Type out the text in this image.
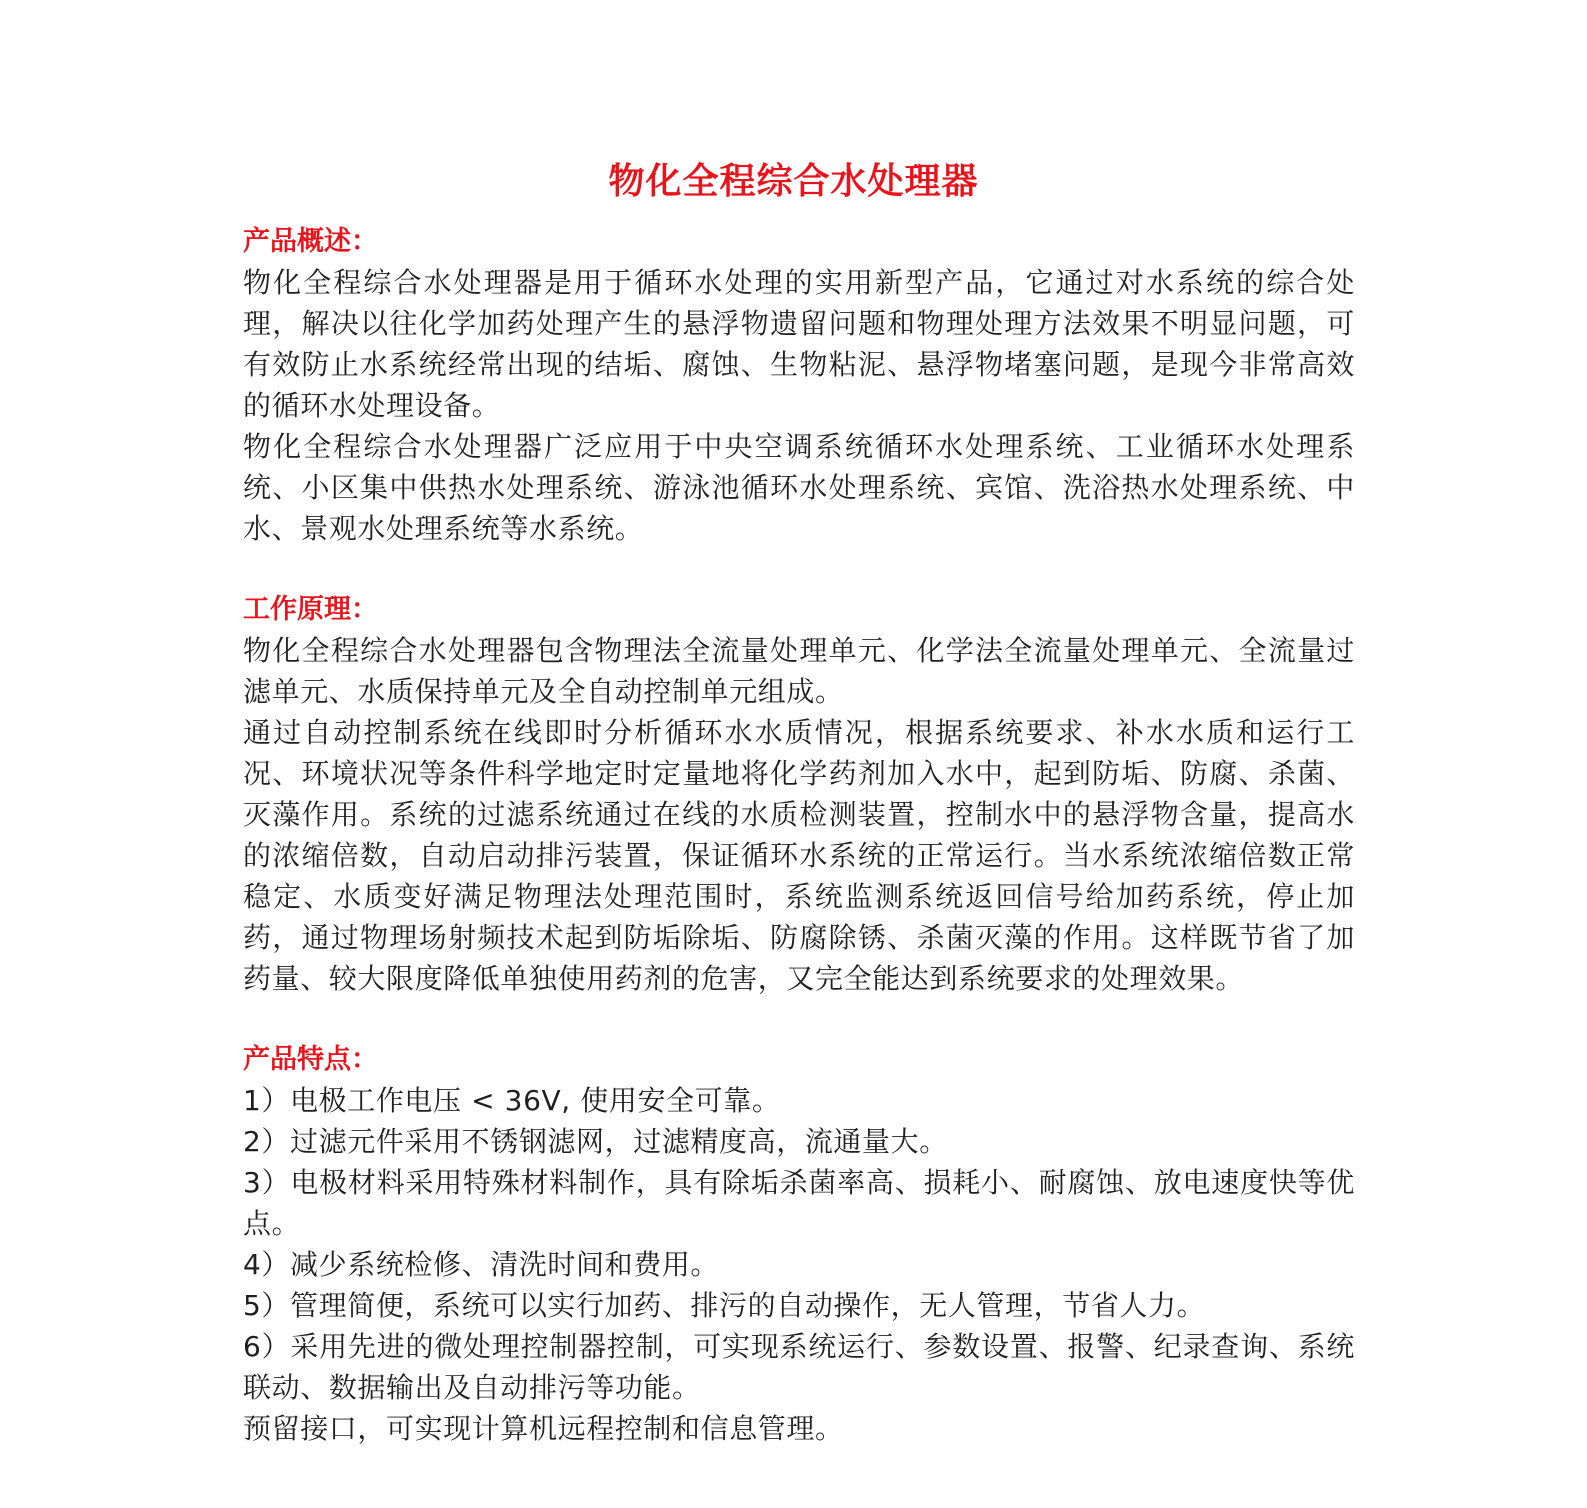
物化全程综合水处理器

产品概述：

物化全程综合水处理器是用于循环水处理的实用新型产品，它通过对水系统的综合处理，解决以往化学加药处理产生的悬浮物遗留问题和物理处理方法效果不明显问题，可有效防止水系统经常出现的结垢、腐蚀、生物粘泥、悬浮物堵塞问题，是现今非常高效的循环水处理设备。

物化全程综合水处理器广泛应用于中央空调系统循环水处理系统、工业循环水处理系统、小区集中供热水处理系统、游泳池循环水处理系统、宾馆、洗浴热水处理系统、中水、景观水处理系统等水系统。

工作原理：

物化全程综合水处理器包含物理法全流量处理单元、化学法全流量处理单元、全流量过滤单元、水质保持单元及全自动控制单元组成。

通过自动控制系统在线即时分析循环水水质情况，根据系统要求、补水水质和运行工况、环境状况等条件科学地定时定量地将化学药剂加入水中，起到防垢、防腐、杀菌、灭藻作用。系统的过滤系统通过在线的水质检测装置，控制水中的悬浮物含量，提高水的浓缩倍数，自动启动排污装置，保证循环水系统的正常运行。当水系统浓缩倍数正常稳定、水质变好满足物理法处理范围时，系统监测系统返回信号给加药系统，停止加药，通过物理场射频技术起到防垢除垢、防腐除锈、杀菌灭藻的作用。这样既节省了加药量、较大限度降低单独使用药剂的危害，又完全能达到系统要求的处理效果。

产品特点：

1）电极工作电压 < 36V, 使用安全可靠。

2）过滤元件采用不锈钢滤网，过滤精度高，流通量大。

3）电极材料采用特殊材料制作，具有除垢杀菌率高、损耗小、耐腐蚀、放电速度快等优点。

4）减少系统检修、清洗时间和费用。

5）管理简便，系统可以实行加药、排污的自动操作，无人管理，节省人力。

6）采用先进的微处理控制器控制，可实现系统运行、参数设置、报警、纪录查询、系统联动、数据输出及自动排污等功能。

预留接口，可实现计算机远程控制和信息管理。
